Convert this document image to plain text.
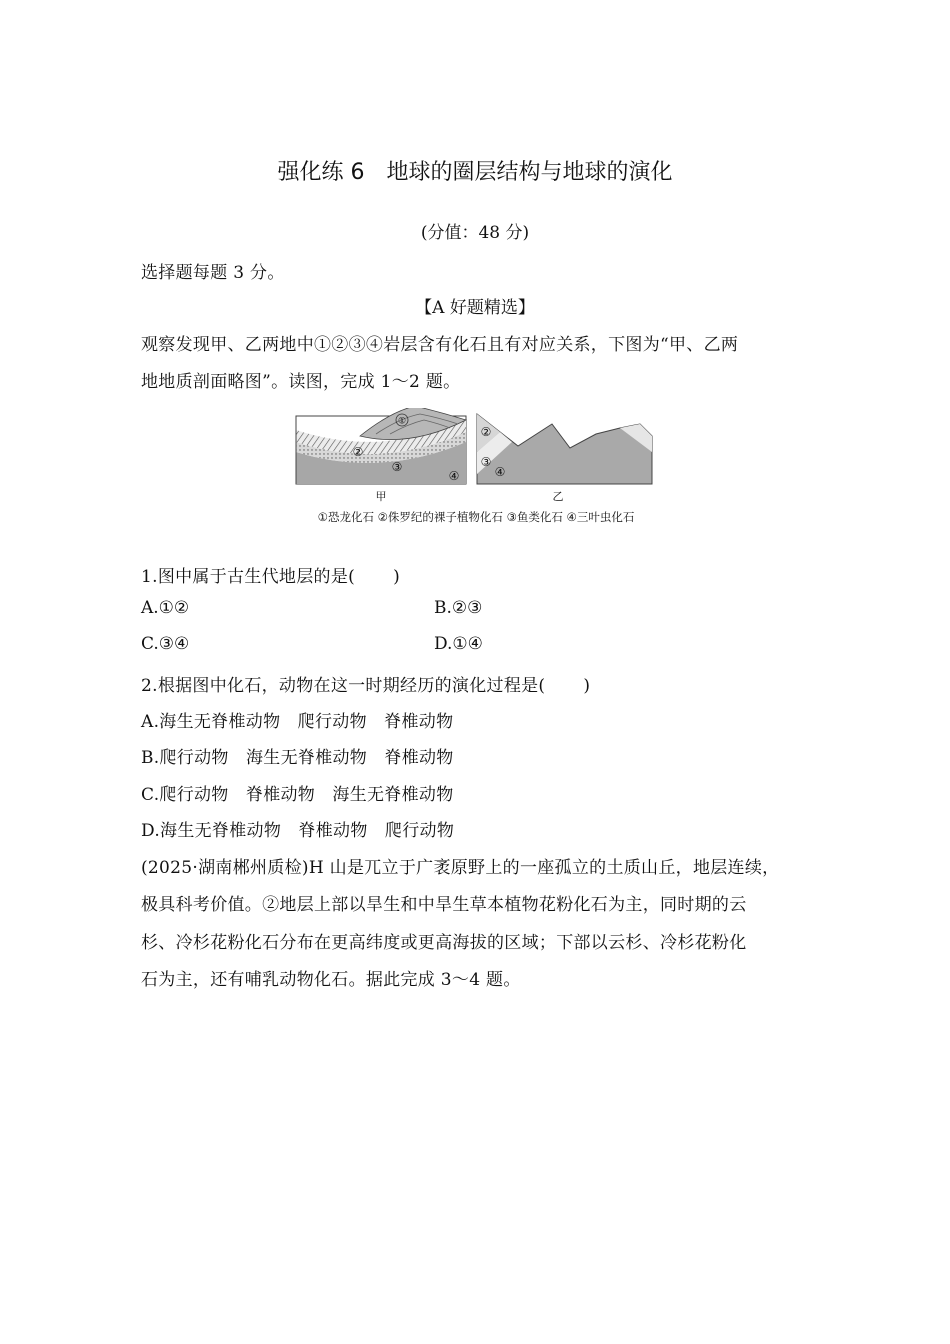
强化练 6 地球的圈层结构与地球的演化
(分值：48 分)
选择题每题 3 分。
【A 好题精选】
观察发现甲、乙两地中①②③④岩层含有化石且有对应关系，下图为“甲、乙两
地地质剖面略图”。读图，完成 1～2 题。
①
②
③
④
②
③
④
甲	乙
①恐龙化石 ②侏罗纪的裸子植物化石 ③鱼类化石 ④三叶虫化石
1.图中属于古生代地层的是( )
A.①②	B.②③
C.③④	D.①④
2.根据图中化石，动物在这一时期经历的演化过程是( )
A.海生无脊椎动物　爬行动物　脊椎动物
B.爬行动物　海生无脊椎动物　脊椎动物
C.爬行动物　脊椎动物　海生无脊椎动物
D.海生无脊椎动物　脊椎动物　爬行动物
(2025·湖南郴州质检)H 山是兀立于广袤原野上的一座孤立的土质山丘，地层连续，
极具科考价值。②地层上部以旱生和中旱生草本植物花粉化石为主，同时期的云
杉、冷杉花粉化石分布在更高纬度或更高海拔的区域；下部以云杉、冷杉花粉化
石为主，还有哺乳动物化石。据此完成 3～4 题。
